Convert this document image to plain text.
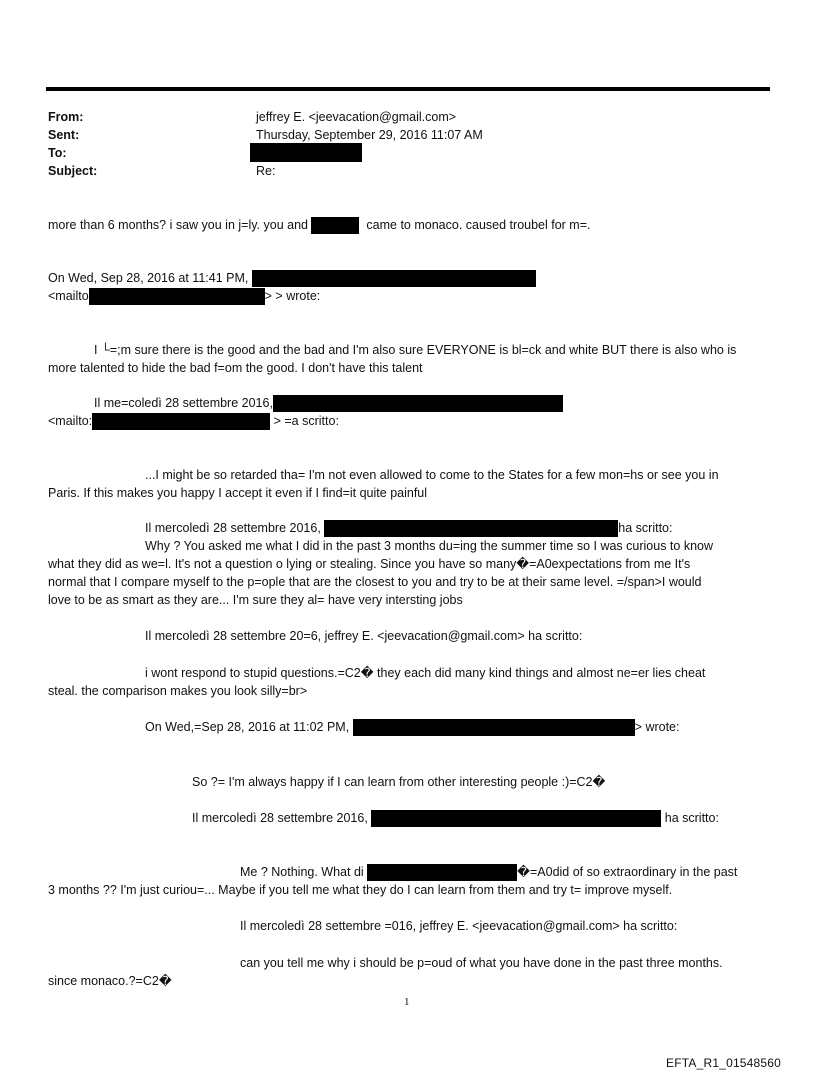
From:	jeffrey E. <jeevacation@gmail.com>
Sent:	Thursday, September 29, 2016 11:07 AM
To:
Subject:	Re:
more than 6 months? i saw you in j=ly. you and	came to monaco. caused troubel for m=.
On Wed, Sep 28, 2016 at 11:41 PM,
<mailto	> > wrote:
I └=;m sure there is the good and the bad and I'm also sure EVERYONE is bl=ck and white BUT there is also who is
more talented to hide the bad f=om the good. I don't have this talent
Il me=coledì 28 settembre 2016,
<mailto:	> =a scritto:
...I might be so retarded tha= I'm not even allowed to come to the States for a few mon=hs or see you in
Paris. If this makes you happy I accept it even if I find=it quite painful
Il mercoledì 28 settembre 2016,	ha scritto:
Why ? You asked me what I did in the past 3 months du=ing the summer time so I was curious to know
what they did as we=l. It's not a question o lying or stealing. Since you have so many�=A0expectations from me It's
normal that I compare myself to the p=ople that are the closest to you and try to be at their same level. =/span>I would
love to be as smart as they are... I'm sure they al= have very intersting jobs
Il mercoledì 28 settembre 20=6, jeffrey E. <jeevacation@gmail.com> ha scritto:
i wont respond to stupid questions.=C2� they each did many kind things and almost ne=er lies cheat
steal. the comparison makes you look silly=br>
On Wed,=Sep 28, 2016 at 11:02 PM,	> wrote:
So ?= I'm always happy if I can learn from other interesting people :)=C2�
Il mercoledì 28 settembre 2016,	ha scritto:
Me ? Nothing. What di	�=A0did of so extraordinary in the past
3 months ?? I'm just curiou=... Maybe if you tell me what they do I can learn from them and try t= improve myself.
Il mercoledì 28 settembre =016, jeffrey E. <jeevacation@gmail.com> ha scritto:
can you tell me why i should be p=oud of what you have done in the past three months.
since monaco.?=C2�
1
EFTA_R1_01548560
